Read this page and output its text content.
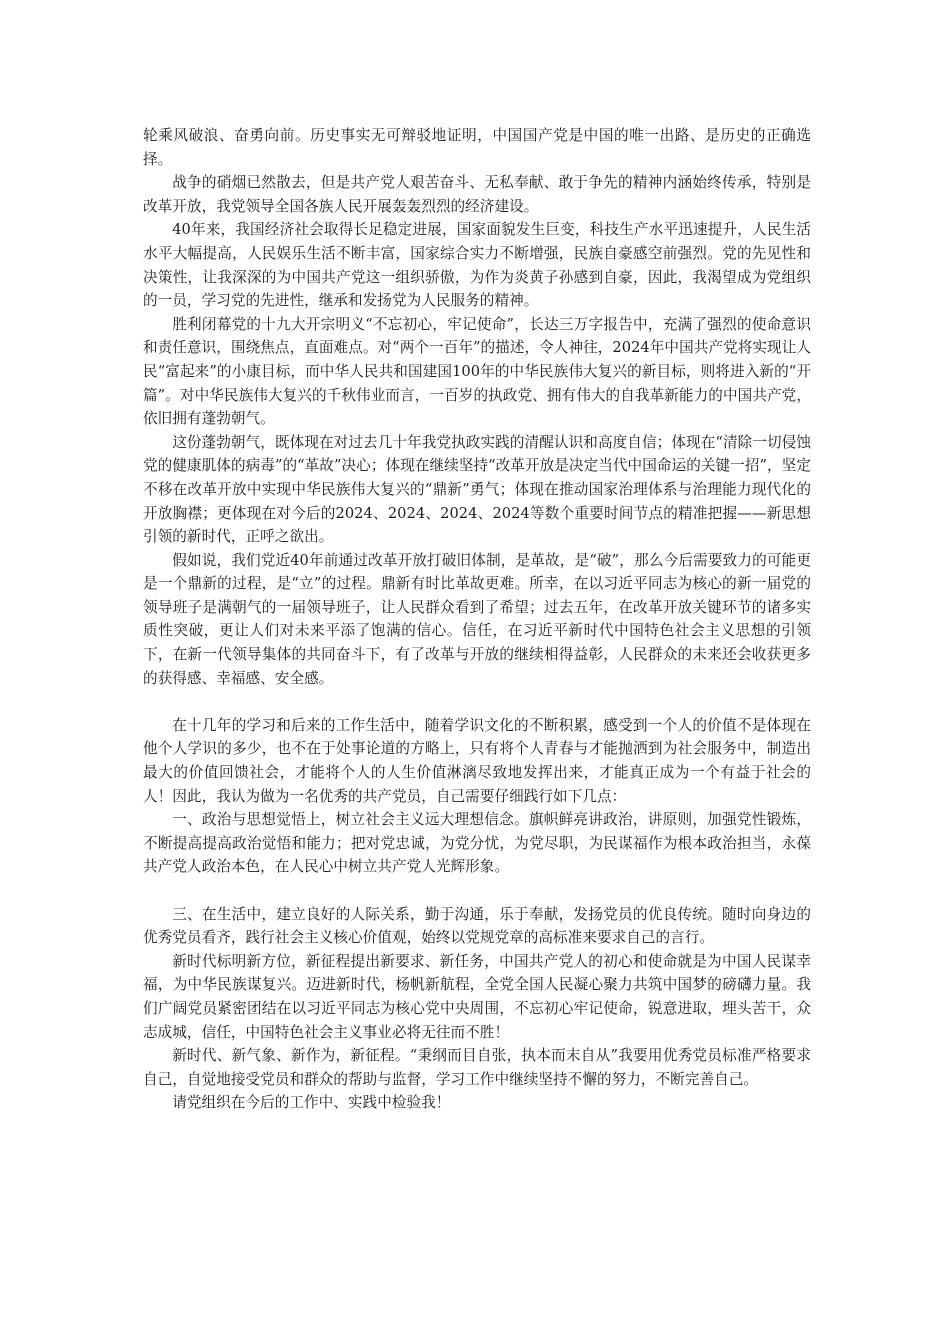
轮乘风破浪、奋勇向前。历史事实无可辩驳地证明，中国国产党是中国的唯一出路、是历史的正确选择。

战争的硝烟已然散去，但是共产党人艰苦奋斗、无私奉献、敢于争先的精神内涵始终传承，特别是改革开放，我党领导全国各族人民开展轰轰烈烈的经济建设。

40年来，我国经济社会取得长足稳定进展，国家面貌发生巨变，科技生产水平迅速提升，人民生活水平大幅提高，人民娱乐生活不断丰富，国家综合实力不断增强，民族自豪感空前强烈。党的先见性和决策性，让我深深的为中国共产党这一组织骄傲，为作为炎黄子孙感到自豪，因此，我渴望成为党组织的一员，学习党的先进性，继承和发扬党为人民服务的精神。

胜利闭幕党的十九大开宗明义“不忘初心，牢记使命”，长达三万字报告中，充满了强烈的使命意识和责任意识，围绕焦点，直面难点。对“两个一百年”的描述，令人神往，2024年中国共产党将实现让人民“富起来”的小康目标，而中华人民共和国建国100年的中华民族伟大复兴的新目标，则将进入新的“开篇”。对中华民族伟大复兴的千秋伟业而言，一百岁的执政党、拥有伟大的自我革新能力的中国共产党，依旧拥有蓬勃朝气。

这份蓬勃朝气，既体现在对过去几十年我党执政实践的清醒认识和高度自信；体现在“清除一切侵蚀党的健康肌体的病毒”的“革故”决心；体现在继续坚持“改革开放是决定当代中国命运的关键一招”，坚定不移在改革开放中实现中华民族伟大复兴的“鼎新”勇气；体现在推动国家治理体系与治理能力现代化的开放胸襟；更体现在对今后的2024、2024、2024、2024等数个重要时间节点的精准把握——新思想引领的新时代，正呼之欲出。

假如说，我们党近40年前通过改革开放打破旧体制，是革故，是“破”，那么今后需要致力的可能更是一个鼎新的过程，是“立”的过程。鼎新有时比革故更难。所幸，在以习近平同志为核心的新一届党的领导班子是满朝气的一届领导班子，让人民群众看到了希望；过去五年，在改革开放关键环节的诸多实质性突破，更让人们对未来平添了饱满的信心。信任，在习近平新时代中国特色社会主义思想的引领下，在新一代领导集体的共同奋斗下，有了改革与开放的继续相得益彰，人民群众的未来还会收获更多的获得感、幸福感、安全感。

在十几年的学习和后来的工作生活中，随着学识文化的不断积累，感受到一个人的价值不是体现在他个人学识的多少，也不在于处事论道的方略上，只有将个人青春与才能抛洒到为社会服务中，制造出最大的价值回馈社会，才能将个人的人生价值淋漓尽致地发挥出来，才能真正成为一个有益于社会的人！因此，我认为做为一名优秀的共产党员，自己需要仔细践行如下几点：

一、政治与思想觉悟上，树立社会主义远大理想信念。旗帜鲜亮讲政治，讲原则，加强党性锻炼，不断提高提高政治觉悟和能力；把对党忠诚，为党分忧，为党尽职，为民谋福作为根本政治担当，永葆共产党人政治本色，在人民心中树立共产党人光辉形象。

三、在生活中，建立良好的人际关系，勤于沟通，乐于奉献，发扬党员的优良传统。随时向身边的优秀党员看齐，践行社会主义核心价值观，始终以党规党章的高标准来要求自己的言行。

新时代标明新方位，新征程提出新要求、新任务，中国共产党人的初心和使命就是为中国人民谋幸福，为中华民族谋复兴。迈进新时代，杨帆新航程，全党全国人民凝心聚力共筑中国梦的磅礴力量。我们广阔党员紧密团结在以习近平同志为核心党中央周围，不忘初心牢记使命，锐意进取，埋头苦干，众志成城，信任，中国特色社会主义事业必将无往而不胜！

新时代、新气象、新作为，新征程。“秉纲而目自张，执本而末自从”我要用优秀党员标准严格要求自己，自觉地接受党员和群众的帮助与监督，学习工作中继续坚持不懈的努力，不断完善自己。

请党组织在今后的工作中、实践中检验我！
